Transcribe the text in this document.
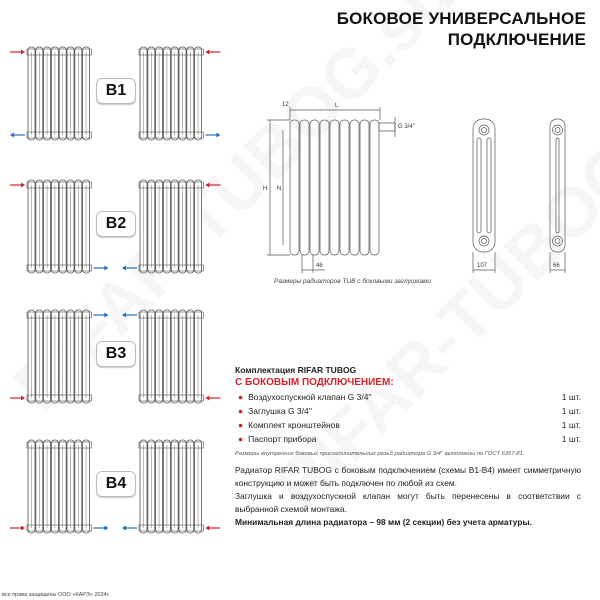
БОКОВОЕ УНИВЕРСАЛЬНОЕ
ПОДКЛЮЧЕНИЕ
B1
B2
B3
B4
12	L
G 3/4''
H N
46	107	66
Размеры радиаторов TUB с боковыми заглушками
Комплектация RIFAR TUBOG
С БОКОВЫМ ПОДКЛЮЧЕНИЕМ:
● Воздухоспускной клапан G 3/4''	1 шт.
● Заглушка G 3/4''	1 шт.
● Комплект кронштейнов	1 шт.
● Паспорт прибора	1 шт.
Размеры внутренних боковых присоединительных резьб радиатора G 3/4'' выполнены по ГОСТ 6357-81.
Радиатор RIFAR TUBOG с боковым подключением (схемы В1-В4) имеет симметричную конструкцию и может быть подключен по любой из схем.
Заглушка и воздухоспускной клапан могут быть перенесены в соответствии с выбранной схемой монтажа.
Минимальная длина радиатора – 98 мм (2 секции) без учета арматуры.
все права защищены ООО «КАРЭ» 2024г.
